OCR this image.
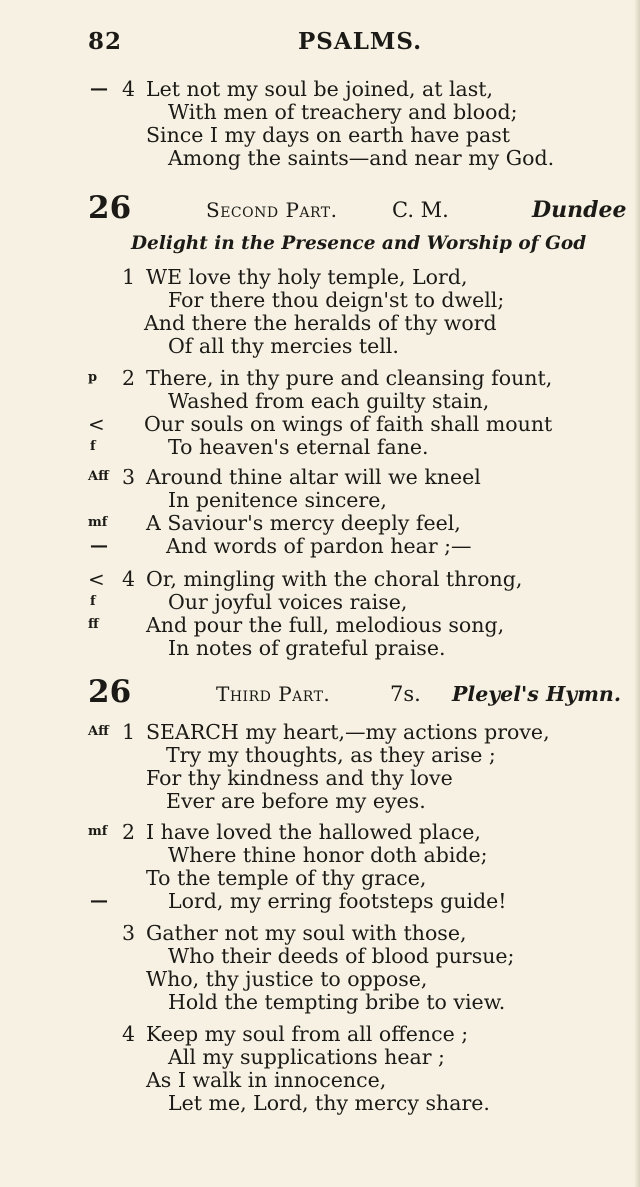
82	PSALMS.
— 4 Let not my soul be joined, at last,
With men of treachery and blood;
Since I my days on earth have past
Among the saints—and near my God.
26	Second Part.	C. M.	Dundee
Delight in the Presence and Worship of God
1 WE love thy holy temple, Lord,
For there thou deign'st to dwell;
And there the heralds of thy word
Of all thy mercies tell.
p 2 There, in thy pure and cleansing fount,
Washed from each guilty stain,
< Our souls on wings of faith shall mount
f	To heaven's eternal fane.
Aff 3 Around thine altar will we kneel
In penitence sincere,
mf A Saviour's mercy deeply feel,
—	And words of pardon hear ;—
< 4 Or, mingling with the choral throng,
f	Our joyful voices raise,
ff And pour the full, melodious song,
In notes of grateful praise.
26	Third Part.	7s. Pleyel's Hymn.
Aff 1 SEARCH my heart,—my actions prove,
Try my thoughts, as they arise ;
For thy kindness and thy love
Ever are before my eyes.
mf 2 I have loved the hallowed place,
Where thine honor doth abide;
To the temple of thy grace,
—	Lord, my erring footsteps guide!
3 Gather not my soul with those,
Who their deeds of blood pursue;
Who, thy justice to oppose,
Hold the tempting bribe to view.
4 Keep my soul from all offence ;
All my supplications hear ;
As I walk in innocence,
Let me, Lord, thy mercy share.
